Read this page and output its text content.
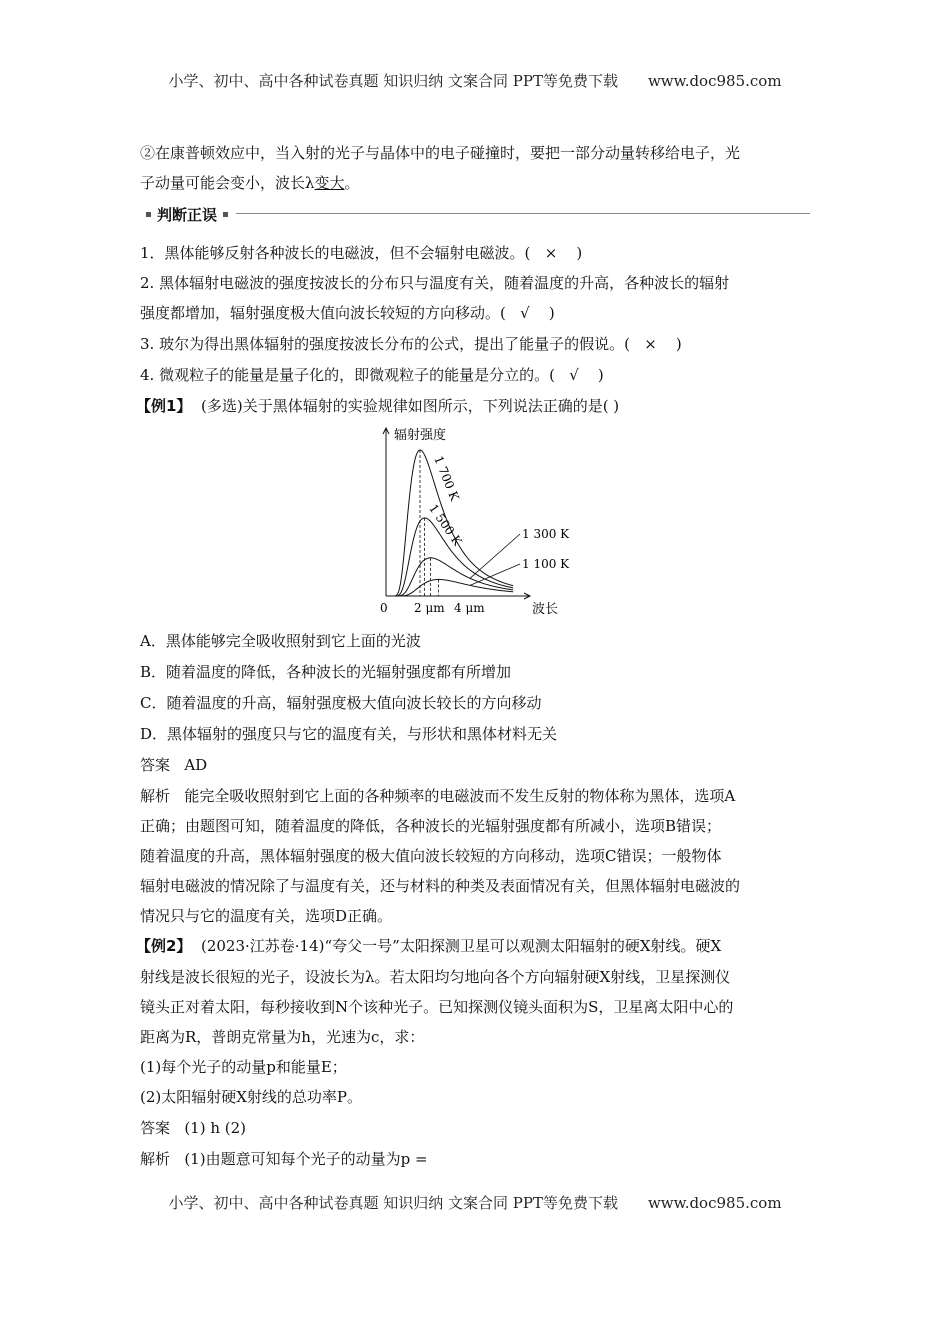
小学、初中、高中各种试卷真题 知识归纳 文案合同 PPT等免费下载 www.doc985.com
②在康普顿效应中，当入射的光子与晶体中的电子碰撞时，要把一部分动量转移给电子，光
子动量可能会变小，波长λ变大。
判断正误
1．黑体能够反射各种波长的电磁波，但不会辐射电磁波。( × )
2. 黑体辐射电磁波的强度按波长的分布只与温度有关，随着温度的升高，各种波长的辐射
强度都增加，辐射强度极大值向波长较短的方向移动。( √ )
3. 玻尔为得出黑体辐射的强度按波长分布的公式，提出了能量子的假说。( × )
4. 微观粒子的能量是量子化的，即微观粒子的能量是分立的。( √ )
【例1】 (多选)关于黑体辐射的实验规律如图所示，下列说法正确的是( )
辐射强度
波长
0 2 μm 4 μm
1 700 K
1 500 K	1 300 K
1 100 K
A．黑体能够完全吸收照射到它上面的光波
B．随着温度的降低，各种波长的光辐射强度都有所增加
C．随着温度的升高，辐射强度极大值向波长较长的方向移动
D．黑体辐射的强度只与它的温度有关，与形状和黑体材料无关
答案 AD
解析 能完全吸收照射到它上面的各种频率的电磁波而不发生反射的物体称为黑体，选项A
正确；由题图可知，随着温度的降低，各种波长的光辐射强度都有所减小，选项B错误；
随着温度的升高，黑体辐射强度的极大值向波长较短的方向移动，选项C错误；一般物体
辐射电磁波的情况除了与温度有关，还与材料的种类及表面情况有关，但黑体辐射电磁波的
情况只与它的温度有关，选项D正确。
【例2】 (2023·江苏卷·14)“夸父一号”太阳探测卫星可以观测太阳辐射的硬X射线。硬X
射线是波长很短的光子，设波长为λ。若太阳均匀地向各个方向辐射硬X射线，卫星探测仪
镜头正对着太阳，每秒接收到N个该种光子。已知探测仪镜头面积为S，卫星离太阳中心的
距离为R，普朗克常量为h，光速为c，求：
(1)每个光子的动量p和能量E；
(2)太阳辐射硬X射线的总功率P。
答案 (1) h (2)
解析 (1)由题意可知每个光子的动量为p =
小学、初中、高中各种试卷真题 知识归纳 文案合同 PPT等免费下载 www.doc985.com
